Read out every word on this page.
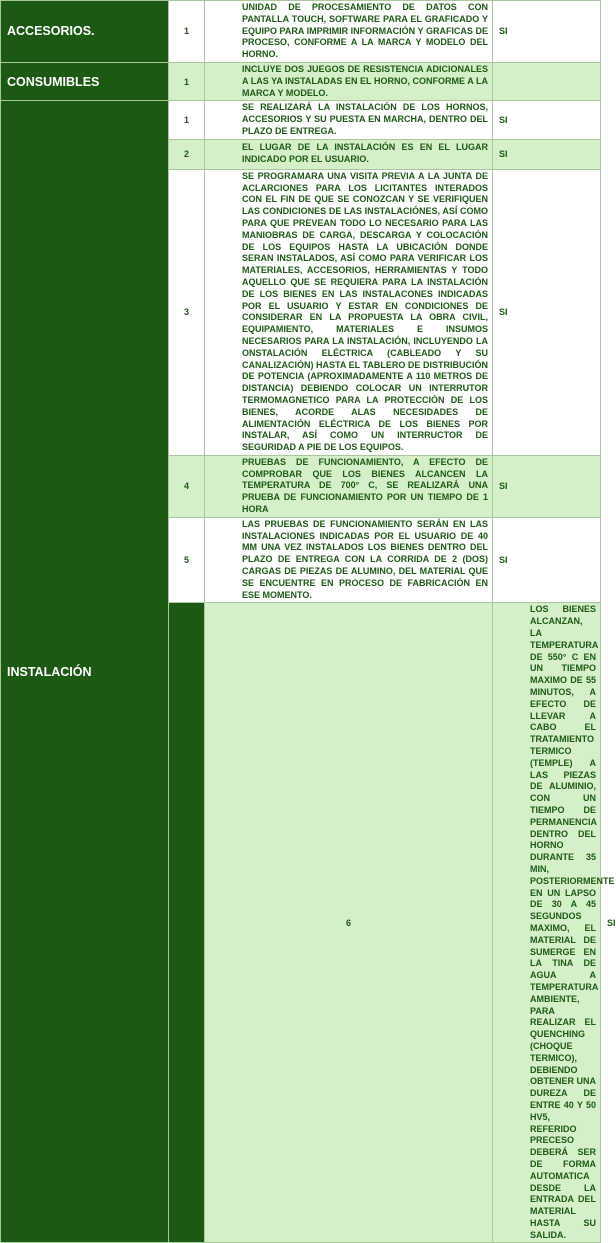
ACCESORIOS.	1	UNIDAD DE PROCESAMIENTO DE DATOS CON PANTALLA TOUCH, SOFTWARE PARA EL GRAFICADO Y EQUIPO PARA IMPRIMIR INFORMACIÓN Y GRAFICAS DE PROCESO, CONFORME A LA MARCA Y MODELO DEL HORNO.	SI	
CONSUMIBLES	1	INCLUYE DOS JUEGOS DE RESISTENCIA ADICIONALES A LAS YA INSTALADAS EN EL HORNO, CONFORME A LA MARCA Y MODELO.		
INSTALACIÓN	1	SE REALIZARÁ LA INSTALACIÓN DE LOS HORNOS, ACCESORIOS Y SU PUESTA EN MARCHA, DENTRO DEL PLAZO DE ENTREGA.	SI	
	2	EL LUGAR DE LA INSTALACIÓN ES EN EL LUGAR INDICADO POR EL USUARIO.	SI	
	3	SE PROGRAMARA UNA VISITA PREVIA A LA JUNTA DE ACLARCIONES PARA LOS LICITANTES INTERADOS CON EL FIN DE QUE SE CONOZCAN Y SE VERIFIQUEN LAS CONDICIONES DE LAS INSTALACIÓNES, ASÍ COMO PARA QUE PREVEAN TODO LO NECESARIO PARA LAS MANIOBRAS DE CARGA, DESCARGA Y COLOCACIÓN DE LOS EQUIPOS HASTA LA UBICACIÓN DONDE SERAN INSTALADOS, ASÍ COMO PARA VERIFICAR LOS MATERIALES, ACCESORIOS, HERRAMIENTAS Y TODO AQUELLO QUE SE REQUIERA PARA LA INSTALACIÓN DE LOS BIENES EN LAS INSTALACONES INDICADAS POR EL USUARIO Y ESTAR EN CONDICIONES DE CONSIDERAR EN LA PROPUESTA LA OBRA CIVIL, EQUIPAMIENTO, MATERIALES E INSUMOS NECESARIOS PARA LA INSTALACIÓN, INCLUYENDO LA ONSTALACIÓN ELÉCTRICA (CABLEADO Y SU CANALIZACIÓN) HASTA EL TABLERO DE DISTRIBUCIÓN DE POTENCIA (APROXIMADAMENTE A 110 METROS DE DISTANCIA) DEBIENDO COLOCAR UN INTERRUTOR TERMOMAGNETICO PARA LA PROTECCIÓN DE LOS BIENES, ACORDE ALAS NECESIDADES DE ALIMENTACIÓN ELÉCTRICA DE LOS BIENES POR INSTALAR, ASÍ COMO UN INTERRUCTOR DE SEGURIDAD A PIE DE LOS EQUIPOS.	SI	
	4	PRUEBAS DE FUNCIONAMIENTO, A EFECTO DE COMPROBAR QUE LOS BIENES ALCANCEN LA TEMPERATURA DE 700° C, SE REALIZARÁ UNA PRUEBA DE FUNCIONAMIENTO POR UN TIEMPO DE 1 HORA	SI	
	5	LAS PRUEBAS DE FUNCIONAMIENTO SERÁN EN LAS INSTALACIONES INDICADAS POR EL USUARIO DE 40 MM UNA VEZ INSTALADOS LOS BIENES DENTRO DEL PLAZO DE ENTREGA CON LA CORRIDA DE 2 (DOS) CARGAS DE PIEZAS DE ALUMINO, DEL MATERIAL QUE SE ENCUENTRE EN PROCESO DE FABRICACIÓN EN ESE MOMENTO.	SI	
		6	LOS BIENES ALCANZAN, LA TEMPERATURA DE 550° C EN UN TIEMPO MAXIMO DE 55 MINUTOS, A EFECTO DE LLEVAR A CABO EL TRATAMIENTO TERMICO (TEMPLE) A LAS PIEZAS DE ALUMINIO, CON UN TIEMPO DE PERMANENCIA DENTRO DEL HORNO DURANTE 35 MIN, POSTERIORMENTE EN UN LAPSO DE 30 A 45 SEGUNDOS MAXIMO, EL MATERIAL DE SUMERGE EN LA TINA DE AGUA A TEMPERATURA AMBIENTE, PARA REALIZAR EL QUENCHING (CHOQUE TERMICO), DEBIENDO OBTENER UNA DUREZA DE ENTRE 40 Y 50 HV5, REFERIDO PRECESO DEBERÁ SER DE FORMA AUTOMATICA DESDE LA ENTRADA DEL MATERIAL HASTA SU SALIDA.	SI
